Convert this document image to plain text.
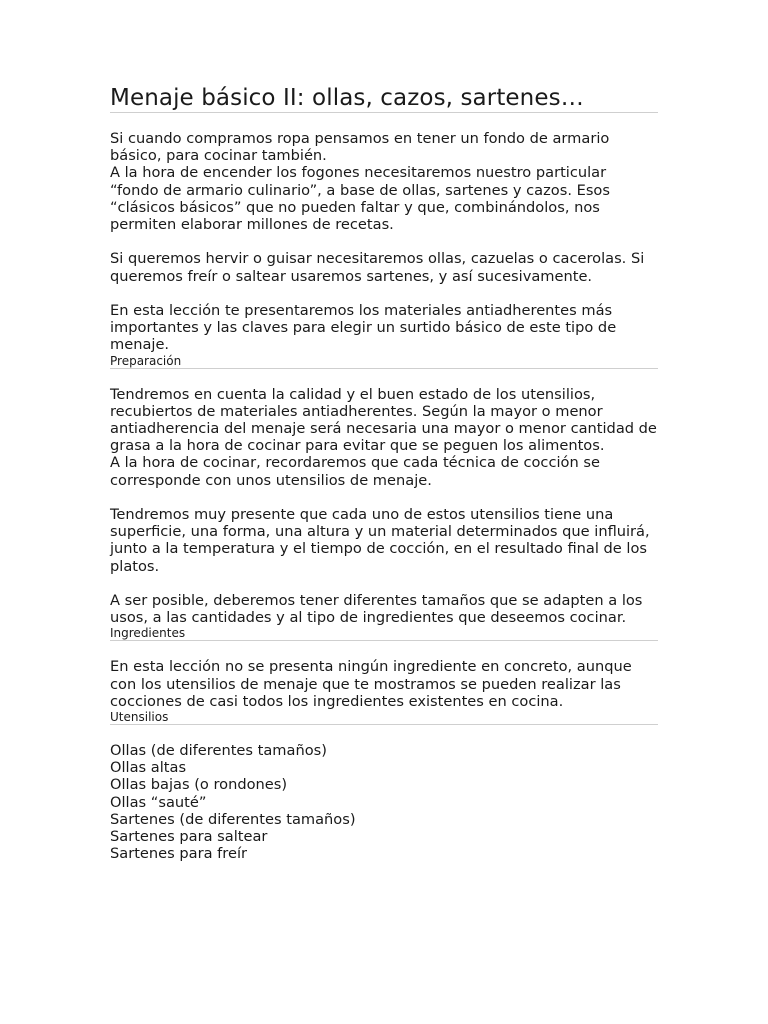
Menaje básico II: ollas, cazos, sartenes…

Si cuando compramos ropa pensamos en tener un fondo de armario básico, para cocinar también.

A la hora de encender los fogones necesitaremos nuestro particular “fondo de armario culinario”, a base de ollas, sartenes y cazos. Esos “clásicos básicos” que no pueden faltar y que, combinándolos, nos permiten elaborar millones de recetas.

Si queremos hervir o guisar necesitaremos ollas, cazuelas o cacerolas. Si queremos freír o saltear usaremos sartenes, y así sucesivamente.

En esta lección te presentaremos los materiales antiadherentes más importantes y las claves para elegir un surtido básico de este tipo de menaje.

Preparación

Tendremos en cuenta la calidad y el buen estado de los utensilios, recubiertos de materiales antiadherentes. Según la mayor o menor antiadherencia del menaje será necesaria una mayor o menor cantidad de grasa a la hora de cocinar para evitar que se peguen los alimentos.

A la hora de cocinar, recordaremos que cada técnica de cocción se corresponde con unos utensilios de menaje.

Tendremos muy presente que cada uno de estos utensilios tiene una superficie, una forma, una altura y un material determinados que influirá, junto a la temperatura y el tiempo de cocción, en el resultado final de los platos.

A ser posible, deberemos tener diferentes tamaños que se adapten a los usos, a las cantidades y al tipo de ingredientes que deseemos cocinar.

Ingredientes

En esta lección no se presenta ningún ingrediente en concreto, aunque con los utensilios de menaje que te mostramos se pueden realizar las cocciones de casi todos los ingredientes existentes en cocina.

Utensilios

Ollas (de diferentes tamaños)

Ollas altas

Ollas bajas (o rondones)

Ollas “sauté”

Sartenes (de diferentes tamaños)

Sartenes para saltear

Sartenes para freír
